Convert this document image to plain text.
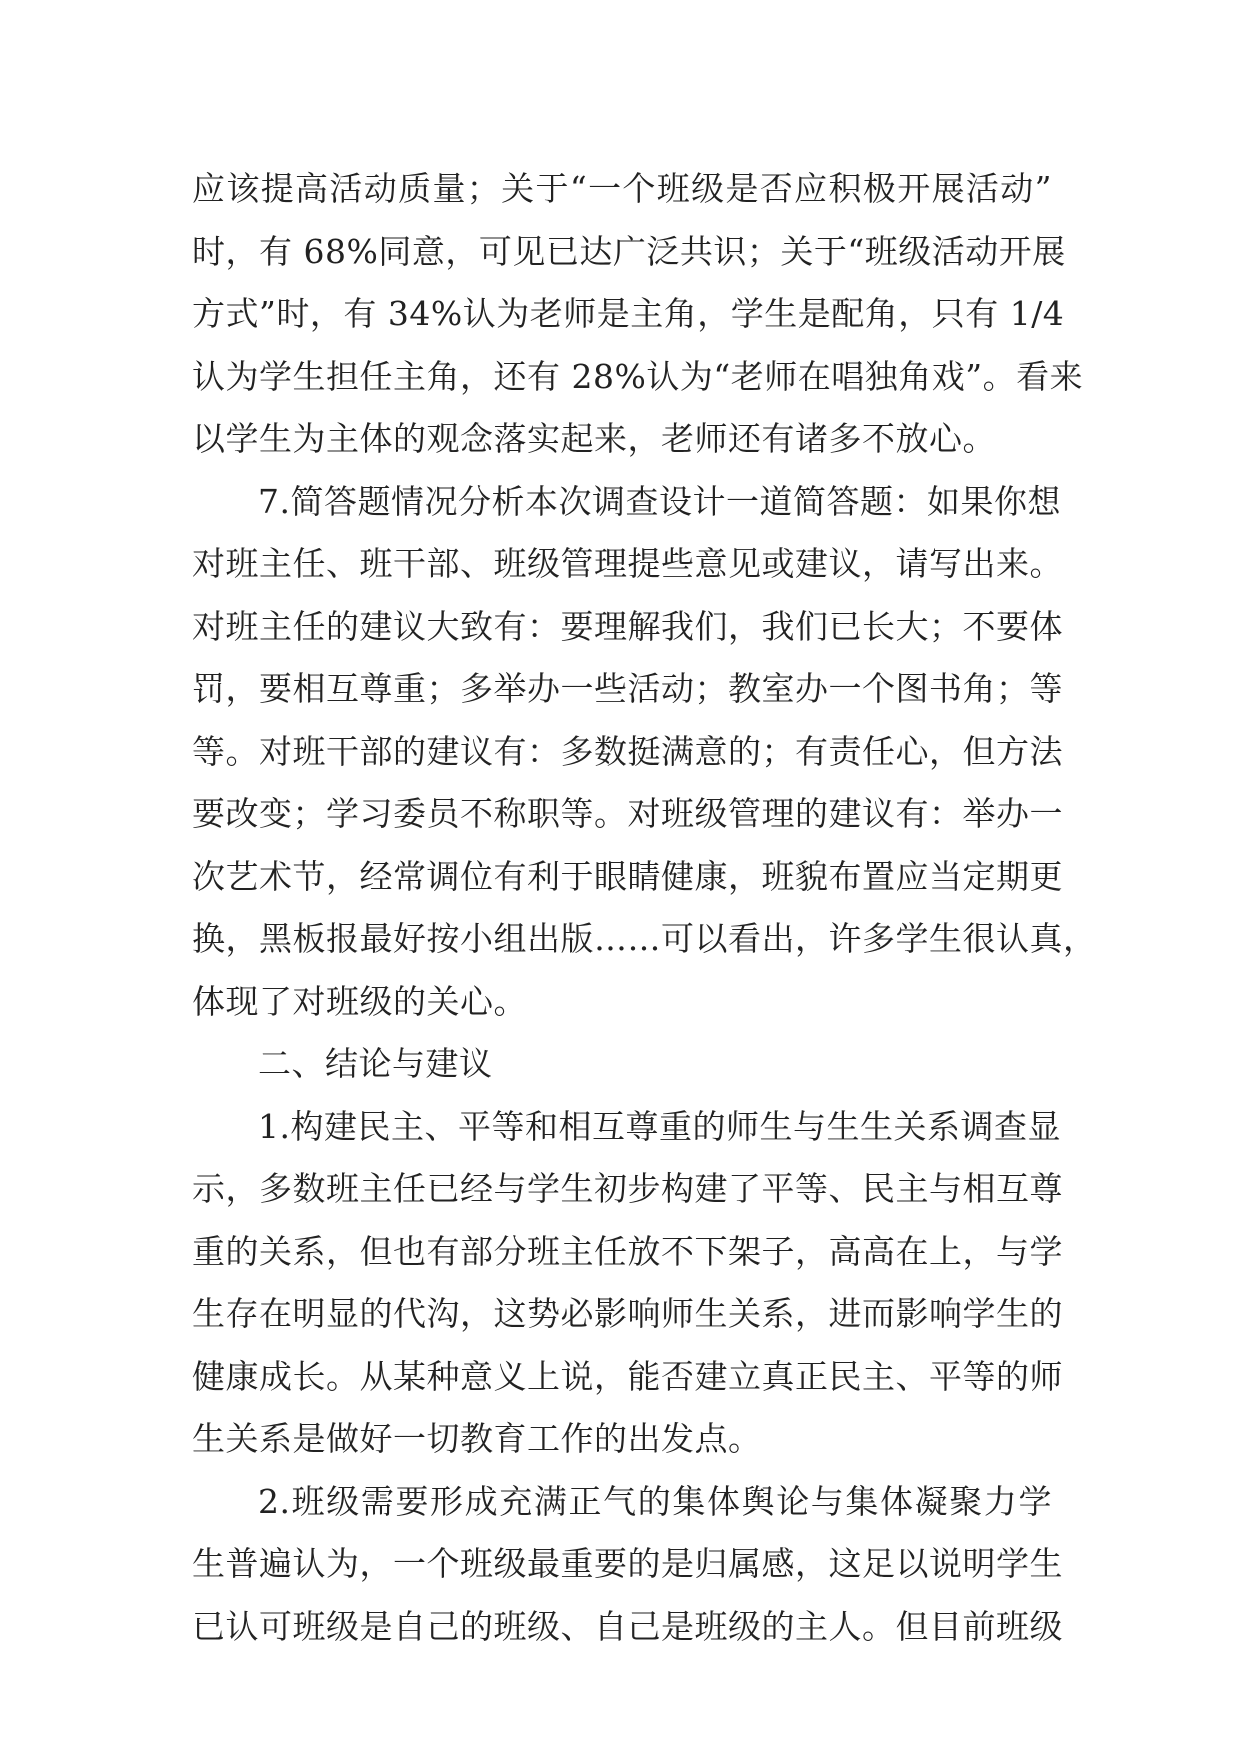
应该提高活动质量；关于“一个班级是否应积极开展活动”
时，有 68%同意，可见已达广泛共识；关于“班级活动开展
方式”时，有 34%认为老师是主角，学生是配角，只有 1/4
认为学生担任主角，还有 28%认为“老师在唱独角戏”。看来
以学生为主体的观念落实起来，老师还有诸多不放心。
7.简答题情况分析本次调查设计一道简答题：如果你想
对班主任、班干部、班级管理提些意见或建议，请写出来。
对班主任的建议大致有：要理解我们，我们已长大；不要体
罚，要相互尊重；多举办一些活动；教室办一个图书角；等
等。对班干部的建议有：多数挺满意的；有责任心，但方法
要改变；学习委员不称职等。对班级管理的建议有：举办一
次艺术节，经常调位有利于眼睛健康，班貌布置应当定期更
换，黑板报最好按小组出版……可以看出，许多学生很认真，
体现了对班级的关心。
二、结论与建议
1.构建民主、平等和相互尊重的师生与生生关系调查显
示，多数班主任已经与学生初步构建了平等、民主与相互尊
重的关系，但也有部分班主任放不下架子，高高在上，与学
生存在明显的代沟，这势必影响师生关系，进而影响学生的
健康成长。从某种意义上说，能否建立真正民主、平等的师
生关系是做好一切教育工作的出发点。
2.班级需要形成充满正气的集体舆论与集体凝聚力学
生普遍认为，一个班级最重要的是归属感，这足以说明学生
已认可班级是自己的班级、自己是班级的主人。但目前班级
